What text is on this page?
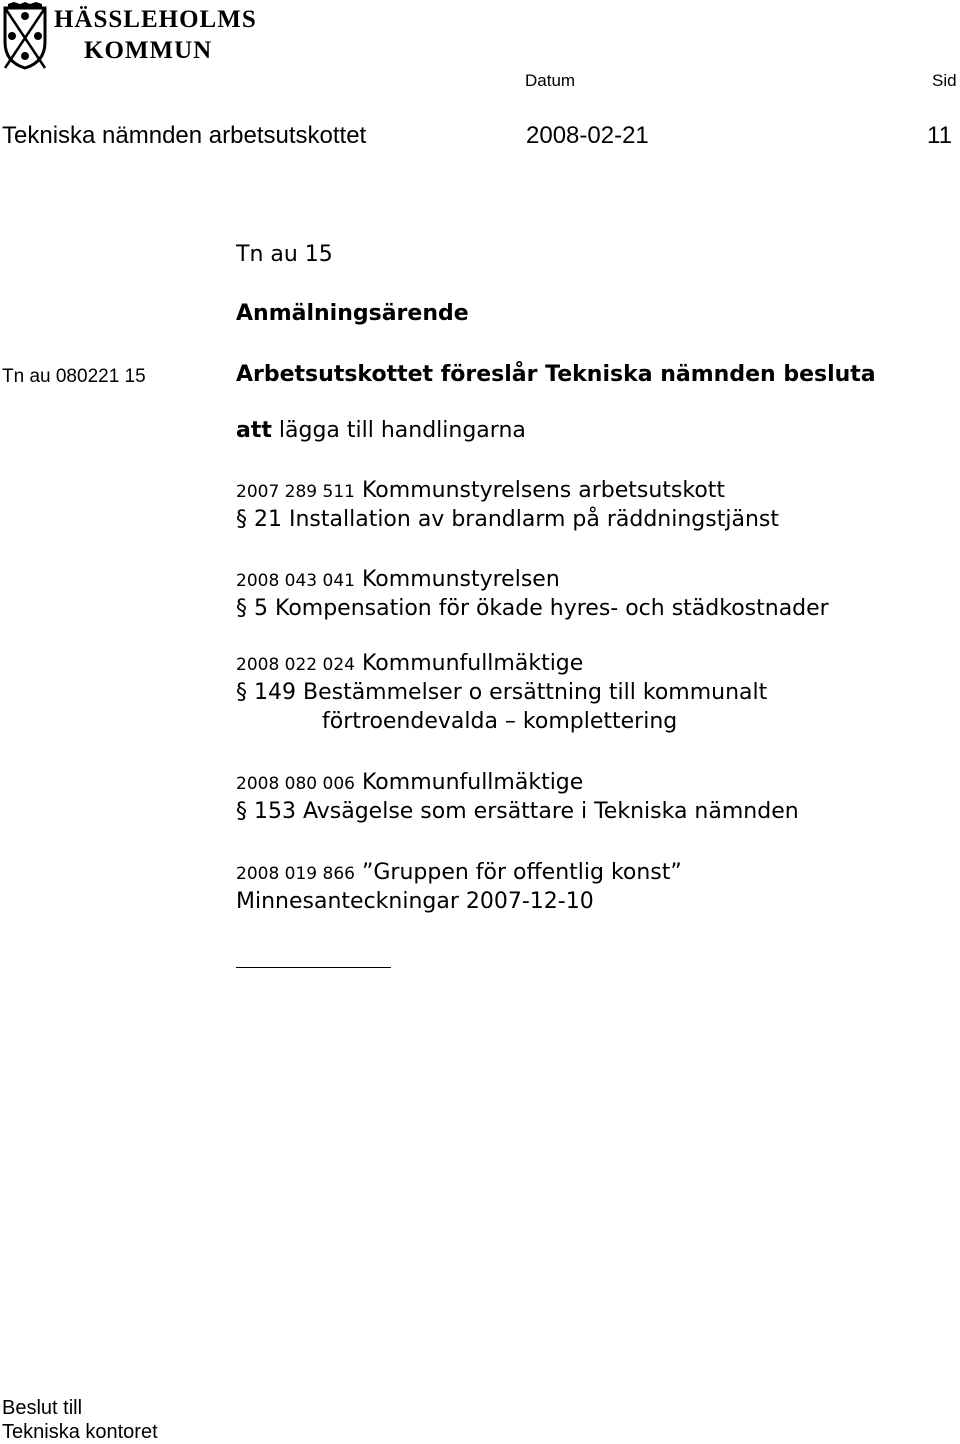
HÄSSLEHOLMS
KOMMUN
Datum	Sid
Tekniska nämnden arbetsutskottet	2008-02-21	11
Tn au 15
Anmälningsärende
Tn au 080221 15	Arbetsutskottet föreslår Tekniska nämnden besluta
att lägga till handlingarna
2007 289 511 Kommunstyrelsens arbetsutskott
§ 21 Installation av brandlarm på räddningstjänst
2008 043 041 Kommunstyrelsen
§ 5 Kompensation för ökade hyres- och städkostnader
2008 022 024 Kommunfullmäktige
§ 149 Bestämmelser o ersättning till kommunalt
förtroendevalda – komplettering
2008 080 006 Kommunfullmäktige
§ 153 Avsägelse som ersättare i Tekniska nämnden
2008 019 866 ”Gruppen för offentlig konst”
Minnesanteckningar 2007-12-10
Beslut till
Tekniska kontoret
